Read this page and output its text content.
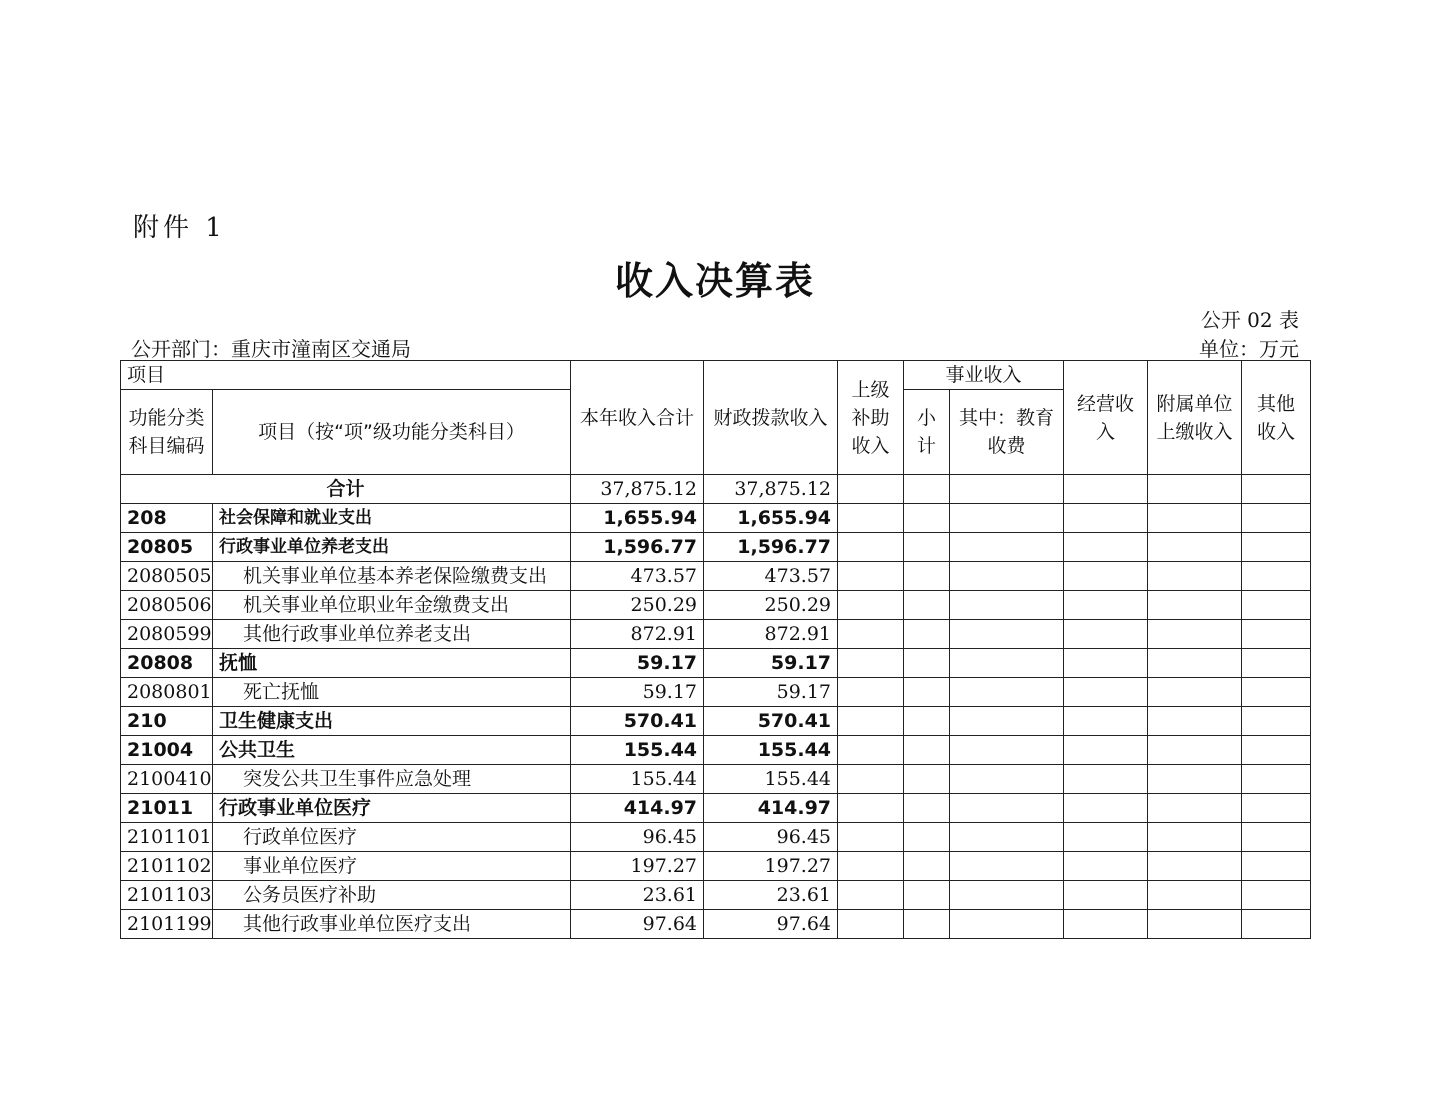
附件 1
收入决算表
公开 02 表
公开部门：重庆市潼南区交通局	单位：万元
项目		本年收入合计	财政拨款收入	上级补助收入	事业收入		经营收入	附属单位上缴收入	其他收入
功能分类科目编码	项目（按“项”级功能分类科目）				小计	其中：教育收费			
合计		37,875.12	37,875.12						
208	社会保障和就业支出	1,655.94	1,655.94						
20805	行政事业单位养老支出	1,596.77	1,596.77						
2080505	机关事业单位基本养老保险缴费支出	473.57	473.57						
2080506	机关事业单位职业年金缴费支出	250.29	250.29						
2080599	其他行政事业单位养老支出	872.91	872.91						
20808	抚恤	59.17	59.17						
2080801	死亡抚恤	59.17	59.17						
210	卫生健康支出	570.41	570.41						
21004	公共卫生	155.44	155.44						
2100410	突发公共卫生事件应急处理	155.44	155.44						
21011	行政事业单位医疗	414.97	414.97						
2101101	行政单位医疗	96.45	96.45						
2101102	事业单位医疗	197.27	197.27						
2101103	公务员医疗补助	23.61	23.61						
2101199	其他行政事业单位医疗支出	97.64	97.64						
